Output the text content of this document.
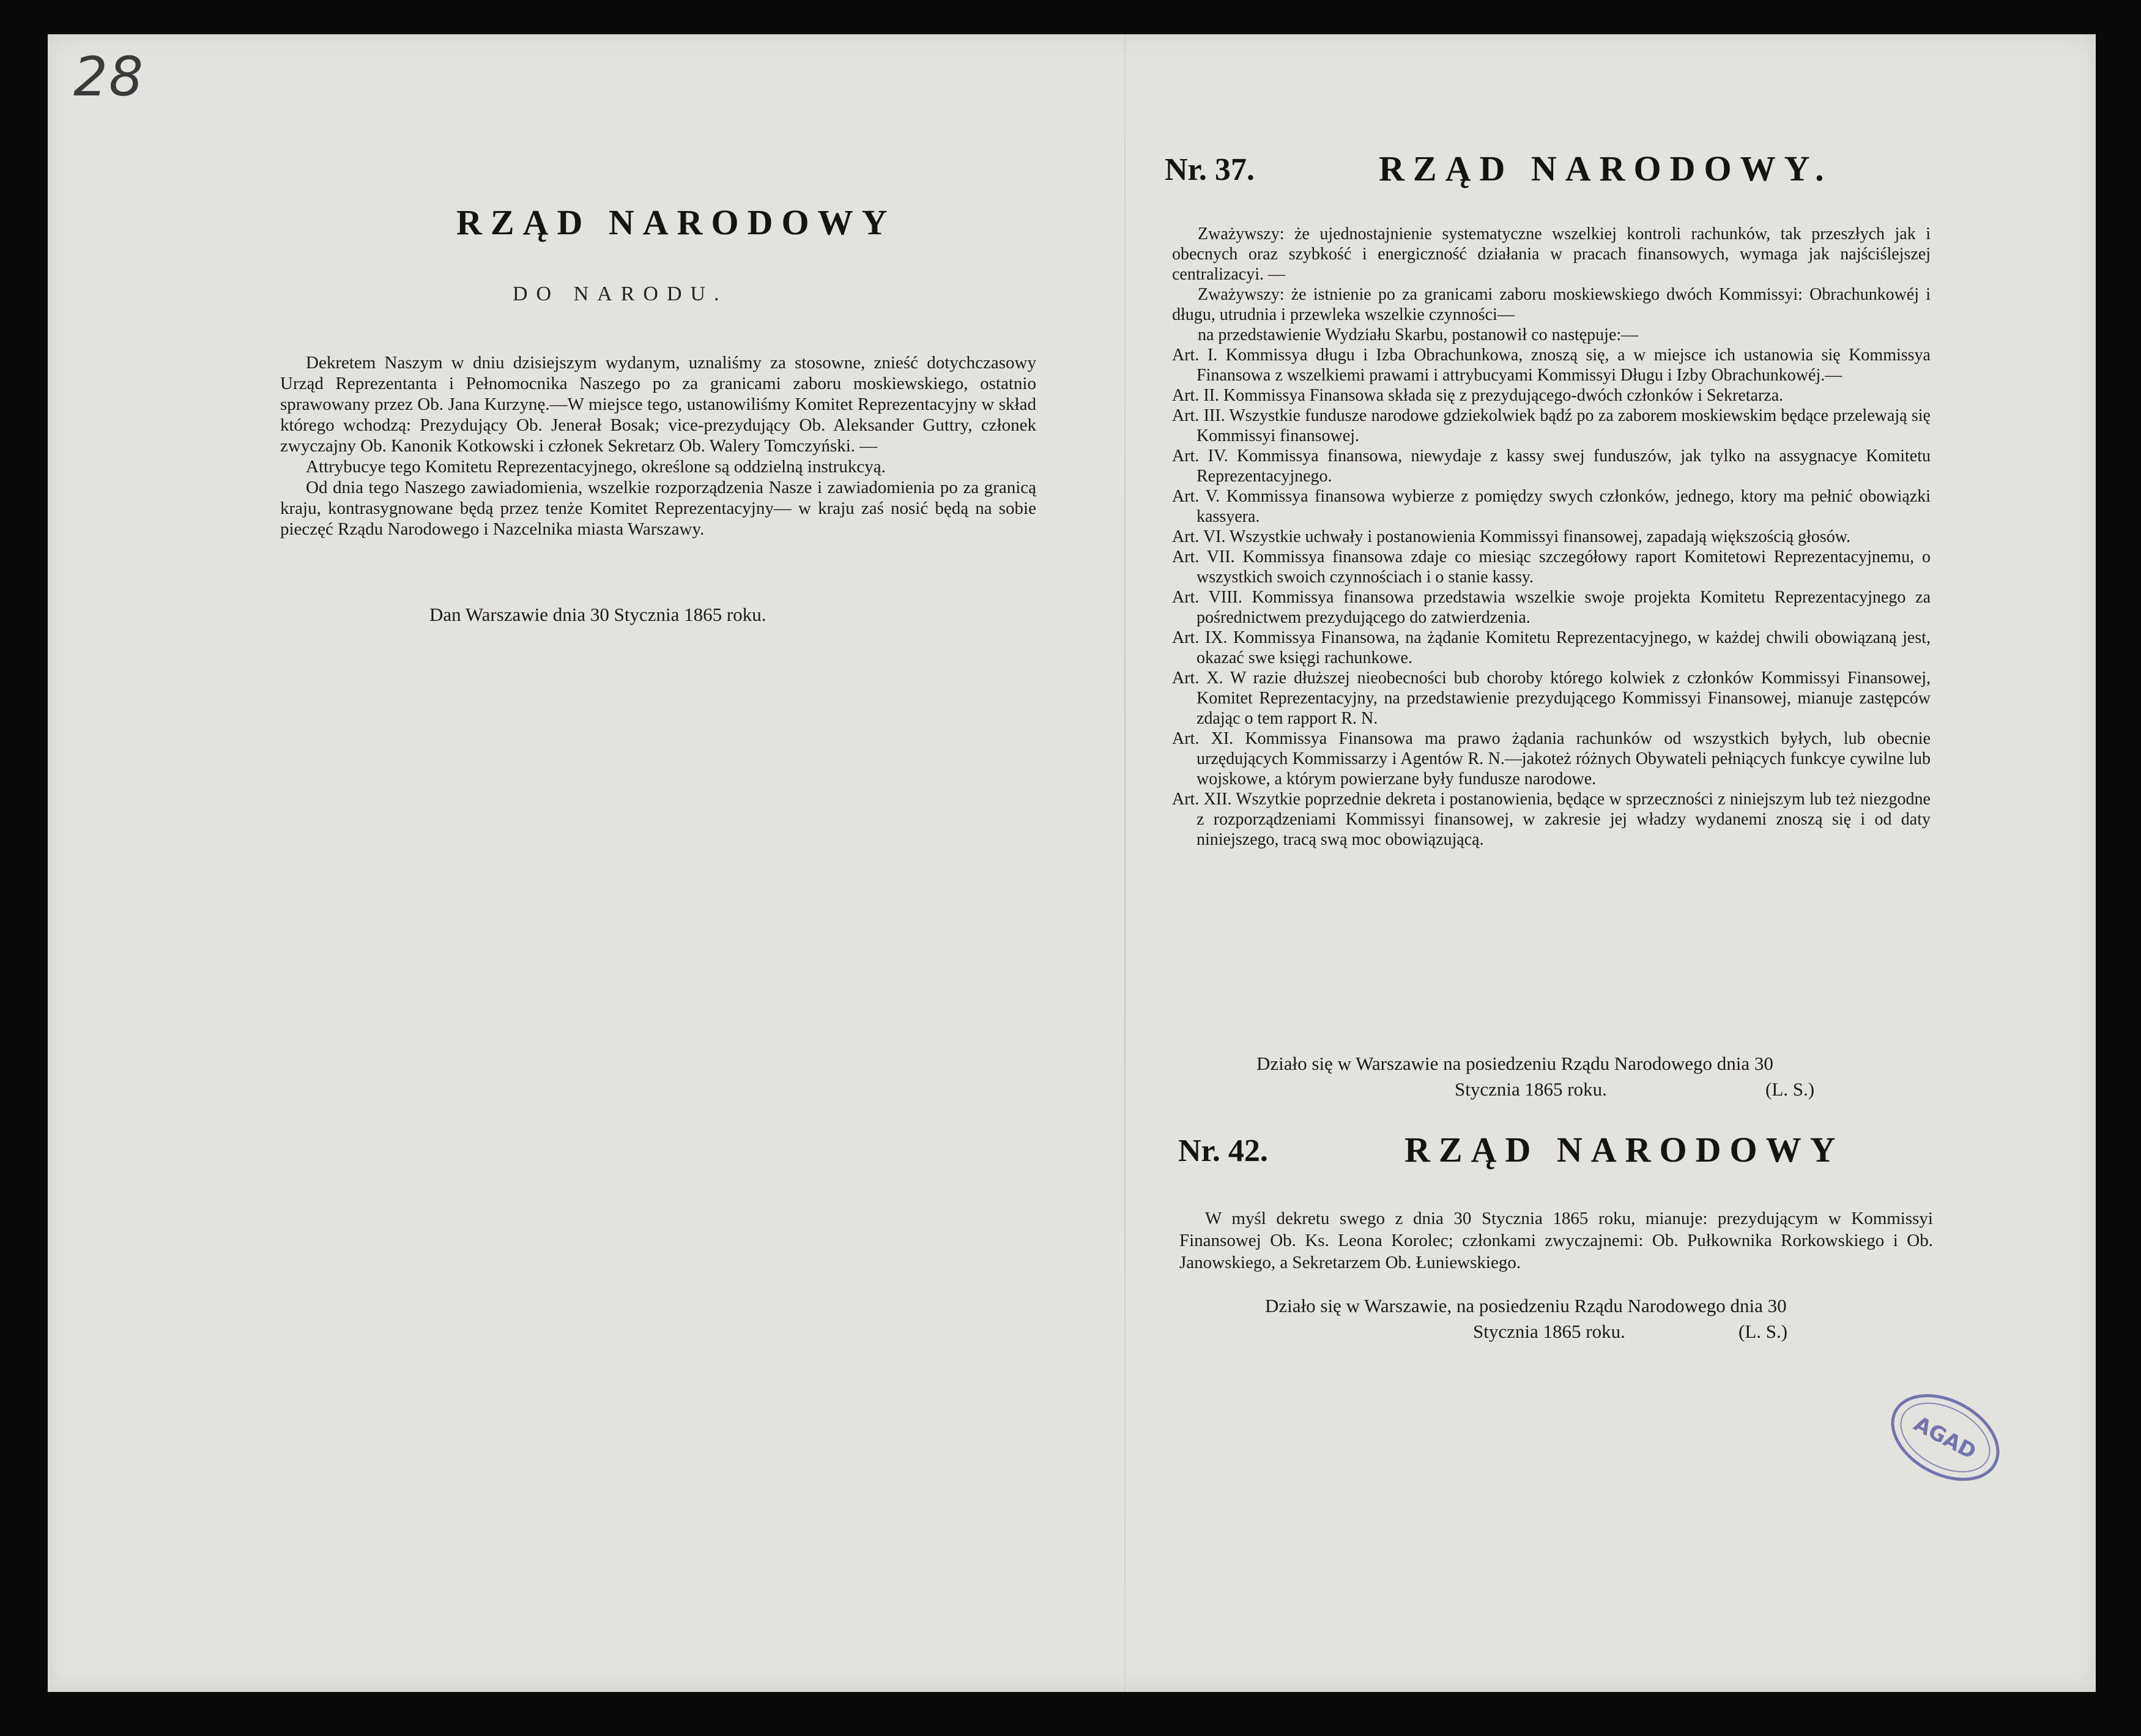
28
RZĄD NARODOWY
DO NARODU.

Dekretem Naszym w dniu dzisiejszym wydanym, uznaliśmy za stosowne, znieść dotychczasowy Urząd Reprezentanta i Pełnomocnika Naszego po za granicami zaboru moskiewskiego, ostatnio sprawowany przez Ob. Jana Kurzynę.—W miejsce tego, ustanowiliśmy Komitet Reprezentacyjny w skład którego wchodzą: Prezydujący Ob. Jenerał Bosak; vice-prezydujący Ob. Aleksander Guttry, członek zwyczajny Ob. Kanonik Kotkowski i członek Sekretarz Ob. Walery Tomczyński. —

Attrybucye tego Komitetu Reprezentacyjnego, określone są oddzielną instrukcyą.

Od dnia tego Naszego zawiadomienia, wszelkie rozporządzenia Nasze i zawiadomienia po za granicą kraju, kontrasygnowane będą przez tenże Komitet Reprezentacyjny— w kraju zaś nosić będą na sobie pieczęć Rządu Narodowego i Nazcelnika miasta Warszawy.

Dan Warszawie dnia 30 Stycznia 1865 roku.
Nr. 37.	RZĄD NARODOWY.

Zważywszy: że ujednostajnienie systematyczne wszelkiej kontroli rachunków, tak przeszłych jak i obecnych oraz szybkość i energiczność działania w pracach finansowych, wymaga jak najściślejszej centralizacyi. —

Zważywszy: że istnienie po za granicami zaboru moskiewskiego dwóch Kommissyi: Obrachunkowéj i długu, utrudnia i przewleka wszelkie czynności—

na przedstawienie Wydziału Skarbu, postanowił co następuje:—

Art. I. Kommissya długu i Izba Obrachunkowa, znoszą się, a w miejsce ich ustanowia się Kommissya Finansowa z wszelkiemi prawami i attrybucyami Kommissyi Długu i Izby Obrachunkowéj.—

Art. II. Kommissya Finansowa składa się z prezydującego-dwóch członków i Sekretarza.

Art. III. Wszystkie fundusze narodowe gdziekolwiek bądź po za zaborem moskiewskim będące przelewają się Kommissyi finansowej.

Art. IV. Kommissya finansowa, niewydaje z kassy swej funduszów, jak tylko na assygnacye Komitetu Reprezentacyjnego.

Art. V. Kommissya finansowa wybierze z pomiędzy swych członków, jednego, ktory ma pełnić obowiązki kassyera.

Art. VI. Wszystkie uchwały i postanowienia Kommissyi finansowej, zapadają większością głosów.

Art. VII. Kommissya finansowa zdaje co miesiąc szczegółowy raport Komitetowi Reprezentacyjnemu, o wszystkich swoich czynnościach i o stanie kassy.

Art. VIII. Kommissya finansowa przedstawia wszelkie swoje projekta Komitetu Reprezentacyjnego za pośrednictwem prezydującego do zatwierdzenia.

Art. IX. Kommissya Finansowa, na żądanie Komitetu Reprezentacyjnego, w każdej chwili obowiązaną jest, okazać swe księgi rachunkowe.

Art. X. W razie dłuższej nieobecności bub choroby którego kolwiek z członków Kommissyi Finansowej, Komitet Reprezentacyjny, na przedstawienie prezydującego Kommissyi Finansowej, mianuje zastępców zdając o tem rapport R. N.

Art. XI. Kommissya Finansowa ma prawo żądania rachunków od wszystkich byłych, lub obecnie urzędujących Kommissarzy i Agentów R. N.—jakoteż różnych Obywateli pełniących funkcye cywilne lub wojskowe, a którym powierzane były fundusze narodowe.

Art. XII. Wszytkie poprzednie dekreta i postanowienia, będące w sprzeczności z niniejszym lub też niezgodne z rozporządzeniami Kommissyi finansowej, w zakresie jej władzy wydanemi znoszą się i od daty niniejszego, tracą swą moc obowiązującą.

Działo się w Warszawie na posiedzeniu Rządu Narodowego dnia 30
Stycznia 1865 roku.	(L. S.)
Nr. 42.	RZĄD NARODOWY

W myśl dekretu swego z dnia 30 Stycznia 1865 roku, mianuje: prezydującym w Kommissyi Finansowej Ob. Ks. Leona Korolec; członkami zwyczajnemi: Ob. Pułkownika Rorkowskiego i Ob. Janowskiego, a Sekretarzem Ob. Łuniewskiego.

Działo się w Warszawie, na posiedzeniu Rządu Narodowego dnia 30
Stycznia 1865 roku.	(L. S.)
AGAD
